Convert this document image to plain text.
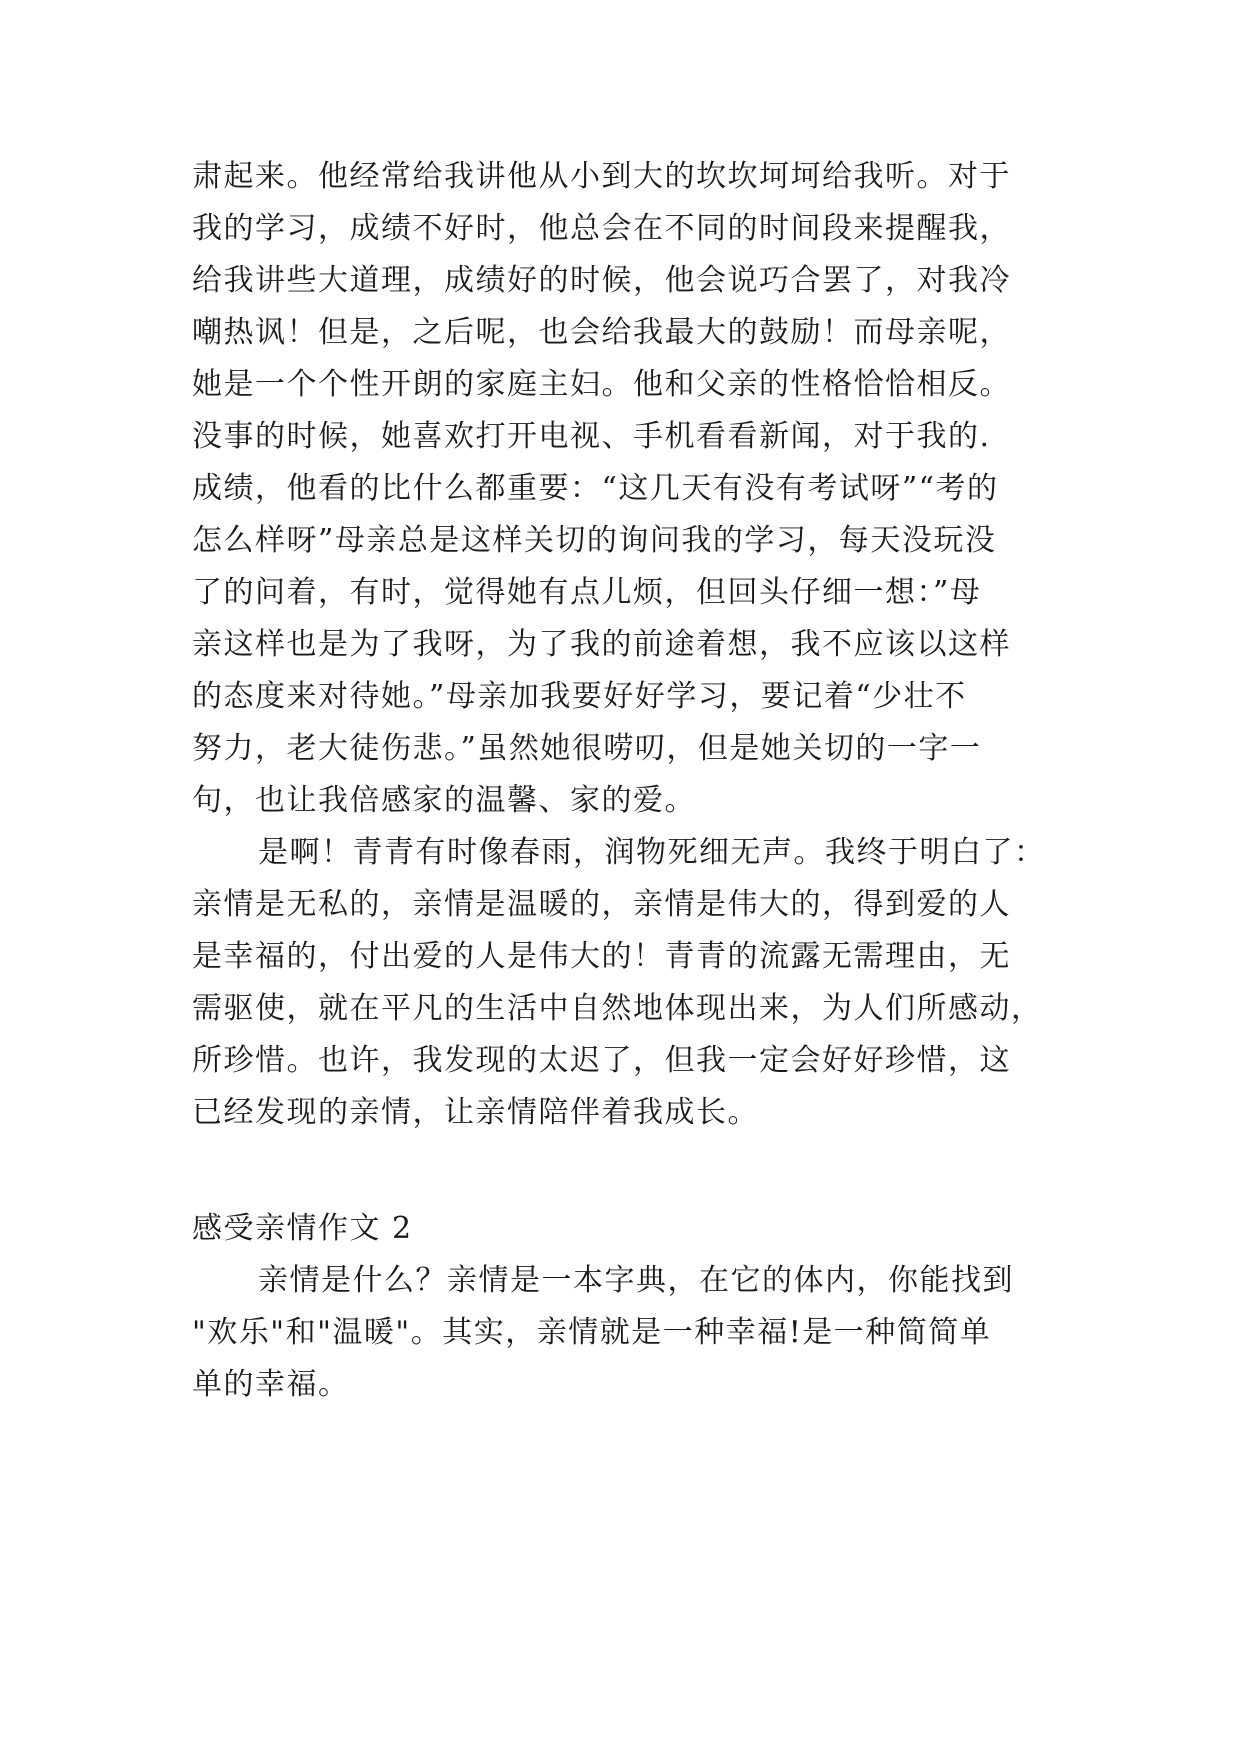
肃起来。他经常给我讲他从小到大的坎坎坷坷给我听。对于
我的学习，成绩不好时，他总会在不同的时间段来提醒我，
给我讲些大道理，成绩好的时候，他会说巧合罢了，对我冷
嘲热讽！但是，之后呢，也会给我最大的鼓励！而母亲呢，
她是一个个性开朗的家庭主妇。他和父亲的性格恰恰相反。
没事的时候，她喜欢打开电视、手机看看新闻，对于我的.
成绩，他看的比什么都重要：“这几天有没有考试呀”“考的
怎么样呀”母亲总是这样关切的询问我的学习，每天没玩没
了的问着，有时，觉得她有点儿烦，但回头仔细一想：”母
亲这样也是为了我呀，为了我的前途着想，我不应该以这样
的态度来对待她。”母亲加我要好好学习，要记着“少壮不
努力，老大徒伤悲。”虽然她很唠叨，但是她关切的一字一
句，也让我倍感家的温馨、家的爱。
是啊！青青有时像春雨，润物死细无声。我终于明白了：
亲情是无私的，亲情是温暖的，亲情是伟大的，得到爱的人
是幸福的，付出爱的人是伟大的！青青的流露无需理由，无
需驱使，就在平凡的生活中自然地体现出来，为人们所感动，
所珍惜。也许，我发现的太迟了，但我一定会好好珍惜，这
已经发现的亲情，让亲情陪伴着我成长。
感受亲情作文 2
亲情是什么？亲情是一本字典，在它的体内，你能找到
"欢乐"和"温暖"。其实，亲情就是一种幸福!是一种简简单
单的幸福。
